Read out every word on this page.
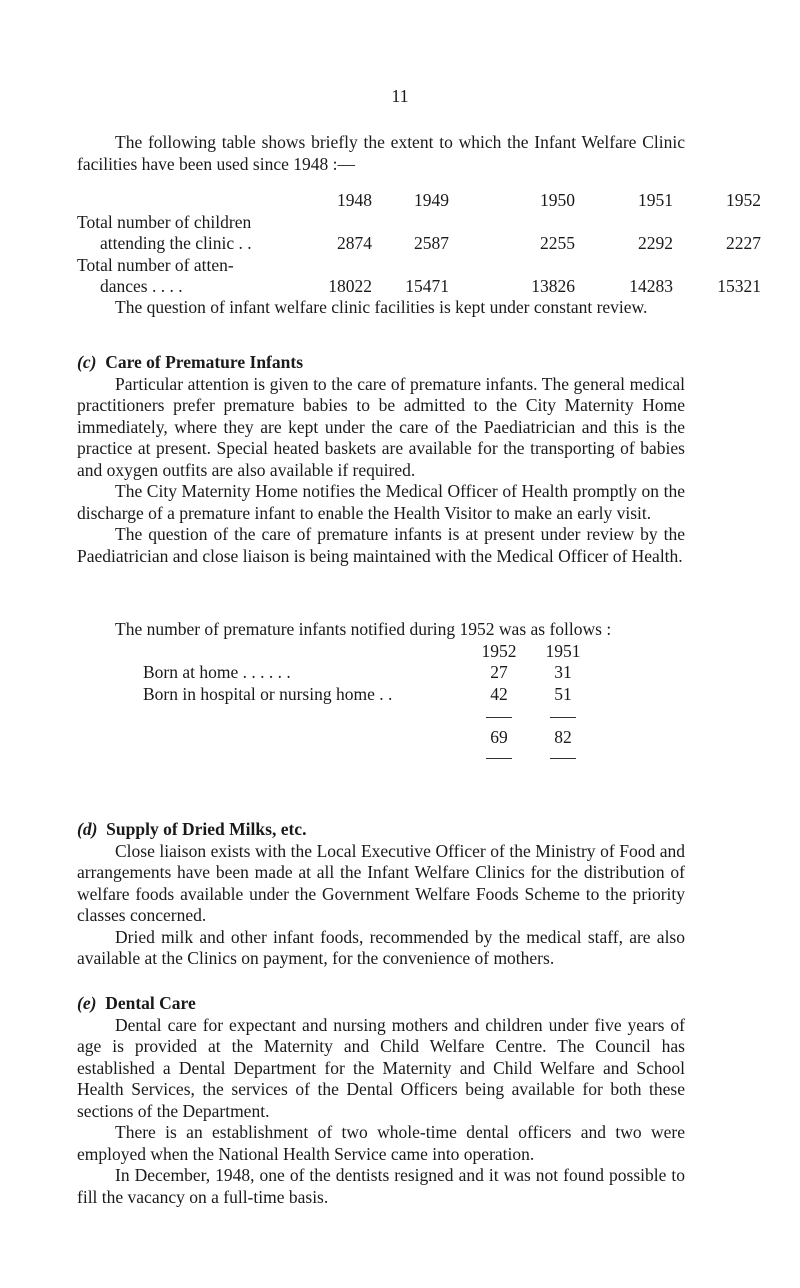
11

The following table shows briefly the extent to which the Infant Welfare Clinic facilities have been used since 1948 :—

1948	1949	1950	1951	1952
Total number of children
attending the clinic . .	2874	2587	2255	2292	2227
Total number of atten-
dances . . . .	18022	15471	13826	14283	15321

The question of infant welfare clinic facilities is kept under constant review.

(c) Care of Premature Infants

Particular attention is given to the care of premature infants. The general medical practitioners prefer premature babies to be admitted to the City Maternity Home immediately, where they are kept under the care of the Paediatrician and this is the practice at present. Special heated baskets are available for the transporting of babies and oxygen outfits are also available if required.

The City Maternity Home notifies the Medical Officer of Health promptly on the discharge of a premature infant to enable the Health Visitor to make an early visit.

The question of the care of premature infants is at present under review by the Paediatrician and close liaison is being maintained with the Medical Officer of Health.

The number of premature infants notified during 1952 was as follows :
1952	1951
Born at home . . . . . .	27	31
Born in hospital or nursing home . .	42	51
69	82
(d) Supply of Dried Milks, etc.

Close liaison exists with the Local Executive Officer of the Ministry of Food and arrangements have been made at all the Infant Welfare Clinics for the distribution of welfare foods available under the Government Welfare Foods Scheme to the priority classes concerned.

Dried milk and other infant foods, recommended by the medical staff, are also available at the Clinics on payment, for the convenience of mothers.

(e) Dental Care

Dental care for expectant and nursing mothers and children under five years of age is provided at the Maternity and Child Welfare Centre. The Council has established a Dental Department for the Maternity and Child Welfare and School Health Services, the services of the Dental Officers being available for both these sections of the Department.

There is an establishment of two whole-time dental officers and two were employed when the National Health Service came into operation.

In December, 1948, one of the dentists resigned and it was not found possible to fill the vacancy on a full-time basis.
